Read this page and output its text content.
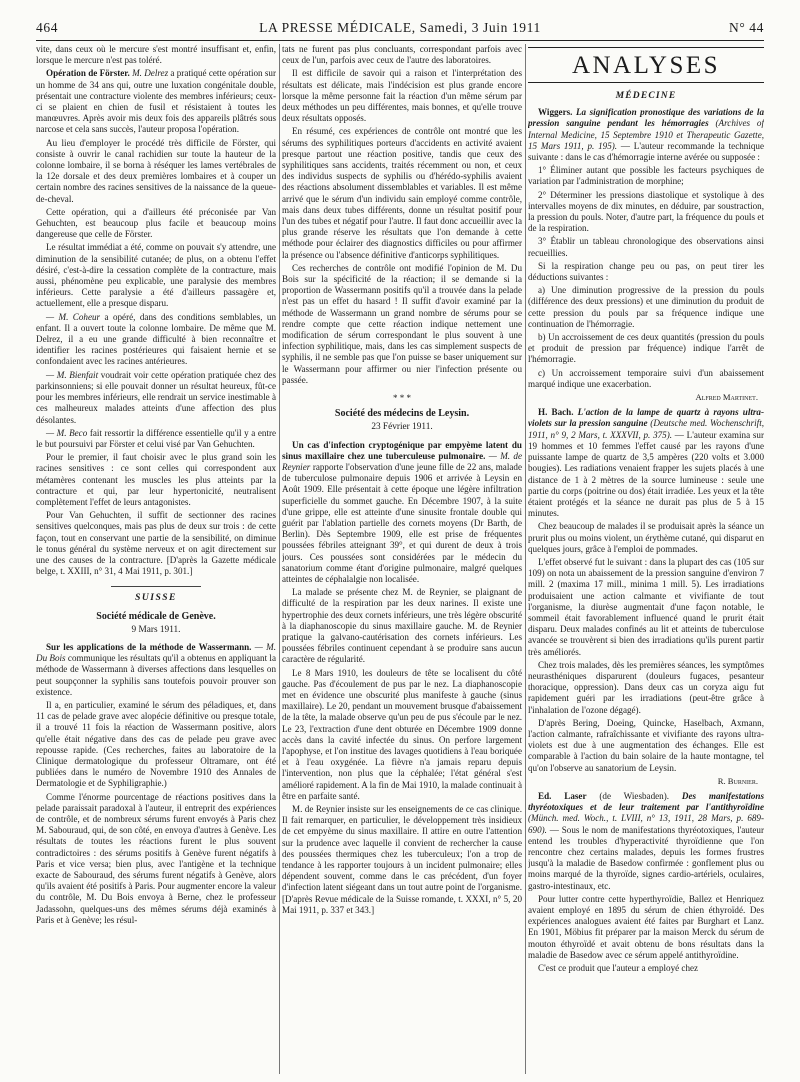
464	LA PRESSE MÉDICALE, Samedi, 3 Juin 1911	N° 44

vite, dans ceux où le mercure s'est montré insuffisant et, enfin, lorsque le mercure n'est pas toléré.

Opération de Förster. M. Delrez a pratiqué cette opération sur un homme de 34 ans qui, outre une luxation congénitale double, présentait une contracture violente des membres inférieurs; ceux-ci se plaient en chien de fusil et résistaient à toutes les manœuvres. Après avoir mis deux fois des appareils plâtrés sous narcose et cela sans succès, l'auteur proposa l'opération.

Au lieu d'employer le procédé très difficile de Förster, qui consiste à ouvrir le canal rachidien sur toute la hauteur de la colonne lombaire, il se borna à réséquer les lames vertébrales de la 12e dorsale et des deux premières lombaires et à couper un certain nombre des racines sensitives de la naissance de la queue-de-cheval.

Cette opération, qui a d'ailleurs été préconisée par Van Gehuchten, est beaucoup plus facile et beaucoup moins dangereuse que celle de Förster.

Le résultat immédiat a été, comme on pouvait s'y attendre, une diminution de la sensibilité cutanée; de plus, on a obtenu l'effet désiré, c'est-à-dire la cessation complète de la contracture, mais aussi, phénomène peu explicable, une paralysie des membres inférieurs. Cette paralysie a été d'ailleurs passagère et, actuellement, elle a presque disparu.

— M. Coheur a opéré, dans des conditions semblables, un enfant. Il a ouvert toute la colonne lombaire. De même que M. Delrez, il a eu une grande difficulté à bien reconnaître et identifier les racines postérieures qui faisaient hernie et se confondaient avec les racines antérieures.

— M. Bienfait voudrait voir cette opération pratiquée chez des parkinsonniens; si elle pouvait donner un résultat heureux, fût-ce pour les membres inférieurs, elle rendrait un service inestimable à ces malheureux malades atteints d'une affection des plus désolantes.

— M. Beco fait ressortir la différence essentielle qu'il y a entre le but poursuivi par Förster et celui visé par Van Gehuchten.

Pour le premier, il faut choisir avec le plus grand soin les racines sensitives : ce sont celles qui correspondent aux métamères contenant les muscles les plus atteints par la contracture et qui, par leur hypertonicité, neutralisent complètement l'effet de leurs antagonistes.

Pour Van Gehuchten, il suffit de sectionner des racines sensitives quelconques, mais pas plus de deux sur trois : de cette façon, tout en conservant une partie de la sensibilité, on diminue le tonus général du système nerveux et on agit directement sur une des causes de la contracture. [D'après la Gazette médicale belge, t. XXIII, n° 31, 4 Mai 1911, p. 301.]

SUISSE

Société médicale de Genève.

9 Mars 1911.

Sur les applications de la méthode de Wassermann. — M. Du Bois communique les résultats qu'il a obtenus en appliquant la méthode de Wassermann à diverses affections dans lesquelles on peut soupçonner la syphilis sans toutefois pouvoir prouver son existence.

Il a, en particulier, examiné le sérum des péladiques, et, dans 11 cas de pelade grave avec alopécie définitive ou presque totale, il a trouvé 11 fois la réaction de Wassermann positive, alors qu'elle était négative dans des cas de pelade peu grave avec repousse rapide. (Ces recherches, faites au laboratoire de la Clinique dermatologique du professeur Oltramare, ont été publiées dans le numéro de Novembre 1910 des Annales de Dermatologie et de Syphiligraphie.)

Comme l'énorme pourcentage de réactions positives dans la pelade paraissait paradoxal à l'auteur, il entreprit des expériences de contrôle, et de nombreux sérums furent envoyés à Paris chez M. Sabouraud, qui, de son côté, en envoya d'autres à Genève. Les résultats de toutes les réactions furent le plus souvent contradictoires : des sérums positifs à Genève furent négatifs à Paris et vice versa; bien plus, avec l'antigène et la technique exacte de Sabouraud, des sérums furent négatifs à Genève, alors qu'ils avaient été positifs à Paris. Pour augmenter encore la valeur du contrôle, M. Du Bois envoya à Berne, chez le professeur Jadassohn, quelques-uns des mêmes sérums déjà examinés à Paris et à Genève; les résul-

tats ne furent pas plus concluants, correspondant parfois avec ceux de l'un, parfois avec ceux de l'autre des laboratoires.

Il est difficile de savoir qui a raison et l'interprétation des résultats est délicate, mais l'indécision est plus grande encore lorsque la même personne fait la réaction d'un même sérum par deux méthodes un peu différentes, mais bonnes, et qu'elle trouve deux résultats opposés.

En résumé, ces expériences de contrôle ont montré que les sérums des syphilitiques porteurs d'accidents en activité avaient presque partout une réaction positive, tandis que ceux des syphilitiques sans accidents, traités récemment ou non, et ceux des individus suspects de syphilis ou d'hérédo-syphilis avaient des réactions absolument dissemblables et variables. Il est même arrivé que le sérum d'un individu sain employé comme contrôle, mais dans deux tubes différents, donne un résultat positif pour l'un des tubes et négatif pour l'autre. Il faut donc accueillir avec la plus grande réserve les résultats que l'on demande à cette méthode pour éclairer des diagnostics difficiles ou pour affirmer la présence ou l'absence définitive d'anticorps syphilitiques.

Ces recherches de contrôle ont modifié l'opinion de M. Du Bois sur la spécificité de la réaction; il se demande si la proportion de Wassermann positifs qu'il a trouvée dans la pelade n'est pas un effet du hasard ! Il suffit d'avoir examiné par la méthode de Wassermann un grand nombre de sérums pour se rendre compte que cette réaction indique nettement une modification de sérum correspondant le plus souvent à une infection syphilitique, mais, dans les cas simplement suspects de syphilis, il ne semble pas que l'on puisse se baser uniquement sur le Wassermann pour affirmer ou nier l'infection présente ou passée.

* * *

Société des médecins de Leysin.

23 Février 1911.

Un cas d'infection cryptogénique par empyème latent du sinus maxillaire chez une tuberculeuse pulmonaire. — M. de Reynier rapporte l'observation d'une jeune fille de 22 ans, malade de tuberculose pulmonaire depuis 1906 et arrivée à Leysin en Août 1909. Elle présentait à cette époque une légère infiltration superficielle du sommet gauche. En Décembre 1907, à la suite d'une grippe, elle est atteinte d'une sinusite frontale double qui guérit par l'ablation partielle des cornets moyens (Dr Barth, de Berlin). Dès Septembre 1909, elle est prise de fréquentes poussées fébriles atteignant 39°, et qui durent de deux à trois jours. Ces poussées sont considérées par le médecin du sanatorium comme étant d'origine pulmonaire, malgré quelques atteintes de céphalalgie non localisée.

La malade se présente chez M. de Reynier, se plaignant de difficulté de la respiration par les deux narines. Il existe une hypertrophie des deux cornets inférieurs, une très légère obscurité à la diaphanoscopie du sinus maxillaire gauche. M. de Reynier pratique la galvano-cautérisation des cornets inférieurs. Les poussées fébriles continuent cependant à se produire sans aucun caractère de régularité.

Le 8 Mars 1910, les douleurs de tête se localisent du côté gauche. Pas d'écoulement de pus par le nez. La diaphanoscopie met en évidence une obscurité plus manifeste à gauche (sinus maxillaire). Le 20, pendant un mouvement brusque d'abaissement de la tête, la malade observe qu'un peu de pus s'écoule par le nez. Le 23, l'extraction d'une dent obturée en Décembre 1909 donne accès dans la cavité infectée du sinus. On perfore largement l'apophyse, et l'on institue des lavages quotidiens à l'eau boriquée et à l'eau oxygénée. La fièvre n'a jamais reparu depuis l'intervention, non plus que la céphalée; l'état général s'est amélioré rapidement. A la fin de Mai 1910, la malade continuait à être en parfaite santé.

M. de Reynier insiste sur les enseignements de ce cas clinique. Il fait remarquer, en particulier, le développement très insidieux de cet empyème du sinus maxillaire. Il attire en outre l'attention sur la prudence avec laquelle il convient de rechercher la cause des poussées thermiques chez les tuberculeux; l'on a trop de tendance à les rapporter toujours à un incident pulmonaire; elles dépendent souvent, comme dans le cas précédent, d'un foyer d'infection latent siégeant dans un tout autre point de l'organisme. [D'après Revue médicale de la Suisse romande, t. XXXI, n° 5, 20 Mai 1911, p. 337 et 343.]

ANALYSES

MÉDECINE

Wiggers. La signification pronostique des variations de la pression sanguine pendant les hémorragies (Archives of Internal Medicine, 15 Septembre 1910 et Therapeutic Gazette, 15 Mars 1911, p. 195). — L'auteur recommande la technique suivante : dans le cas d'hémorragie interne avérée ou supposée :

1° Éliminer autant que possible les facteurs psychiques de variation par l'administration de morphine;

2° Déterminer les pressions diastolique et systolique à des intervalles moyens de dix minutes, en déduire, par soustraction, la pression du pouls. Noter, d'autre part, la fréquence du pouls et de la respiration.

3° Établir un tableau chronologique des observations ainsi recueillies.

Si la respiration change peu ou pas, on peut tirer les déductions suivantes :

a) Une diminution progressive de la pression du pouls (différence des deux pressions) et une diminution du produit de cette pression du pouls par sa fréquence indique une continuation de l'hémorragie.

b) Un accroissement de ces deux quantités (pression du pouls et produit de pression par fréquence) indique l'arrêt de l'hémorragie.

c) Un accroissement temporaire suivi d'un abaissement marqué indique une exacerbation.

Alfred Martinet.

H. Bach. L'action de la lampe de quartz à rayons ultra-violets sur la pression sanguine (Deutsche med. Wochenschrift, 1911, n° 9, 2 Mars, t. XXXVII, p. 375). — L'auteur examina sur 19 hommes et 10 femmes l'effet causé par les rayons d'une puissante lampe de quartz de 3,5 ampères (220 volts et 3.000 bougies). Les radiations venaient frapper les sujets placés à une distance de 1 à 2 mètres de la source lumineuse : seule une partie du corps (poitrine ou dos) était irradiée. Les yeux et la tête étaient protégés et la séance ne durait pas plus de 5 à 15 minutes.

Chez beaucoup de malades il se produisait après la séance un prurit plus ou moins violent, un érythème cutané, qui disparut en quelques jours, grâce à l'emploi de pommades.

L'effet observé fut le suivant : dans la plupart des cas (105 sur 109) on nota un abaissement de la pression sanguine d'environ 7 mill. 2 (maxima 17 mill., minima 1 mill. 5). Les irradiations produisaient une action calmante et vivifiante de tout l'organisme, la diurèse augmentait d'une façon notable, le sommeil était favorablement influencé quand le prurit était disparu. Deux malades confinés au lit et atteints de tuberculose avancée se trouvèrent si bien des irradiations qu'ils purent partir très améliorés.

Chez trois malades, dès les premières séances, les symptômes neurasthéniques disparurent (douleurs fugaces, pesanteur thoracique, oppression). Dans deux cas un coryza aigu fut rapidement guéri par les irradiations (peut-être grâce à l'inhalation de l'ozone dégagé).

D'après Bering, Doeing, Quincke, Haselbach, Axmann, l'action calmante, rafraîchissante et vivifiante des rayons ultra-violets est due à une augmentation des échanges. Elle est comparable à l'action du bain solaire de la haute montagne, tel qu'on l'observe au sanatorium de Leysin.

R. Burnier.

Ed. Laser (de Wiesbaden). Des manifestations thyréotoxiques et de leur traitement par l'antithyroïdine (Münch. med. Woch., t. LVIII, n° 13, 1911, 28 Mars, p. 689-690). — Sous le nom de manifestations thyréotoxiques, l'auteur entend les troubles d'hyperactivité thyroïdienne que l'on rencontre chez certains malades, depuis les formes frustres jusqu'à la maladie de Basedow confirmée : gonflement plus ou moins marqué de la thyroïde, signes cardio-artériels, oculaires, gastro-intestinaux, etc.

Pour lutter contre cette hyperthyroïdie, Ballez et Henriquez avaient employé en 1895 du sérum de chien éthyroïdé. Des expériences analogues avaient été faites par Burghart et Lanz. En 1901, Möbius fit préparer par la maison Merck du sérum de mouton éthyroïdé et avait obtenu de bons résultats dans la maladie de Basedow avec ce sérum appelé antithyroïdine.

C'est ce produit que l'auteur a employé chez
